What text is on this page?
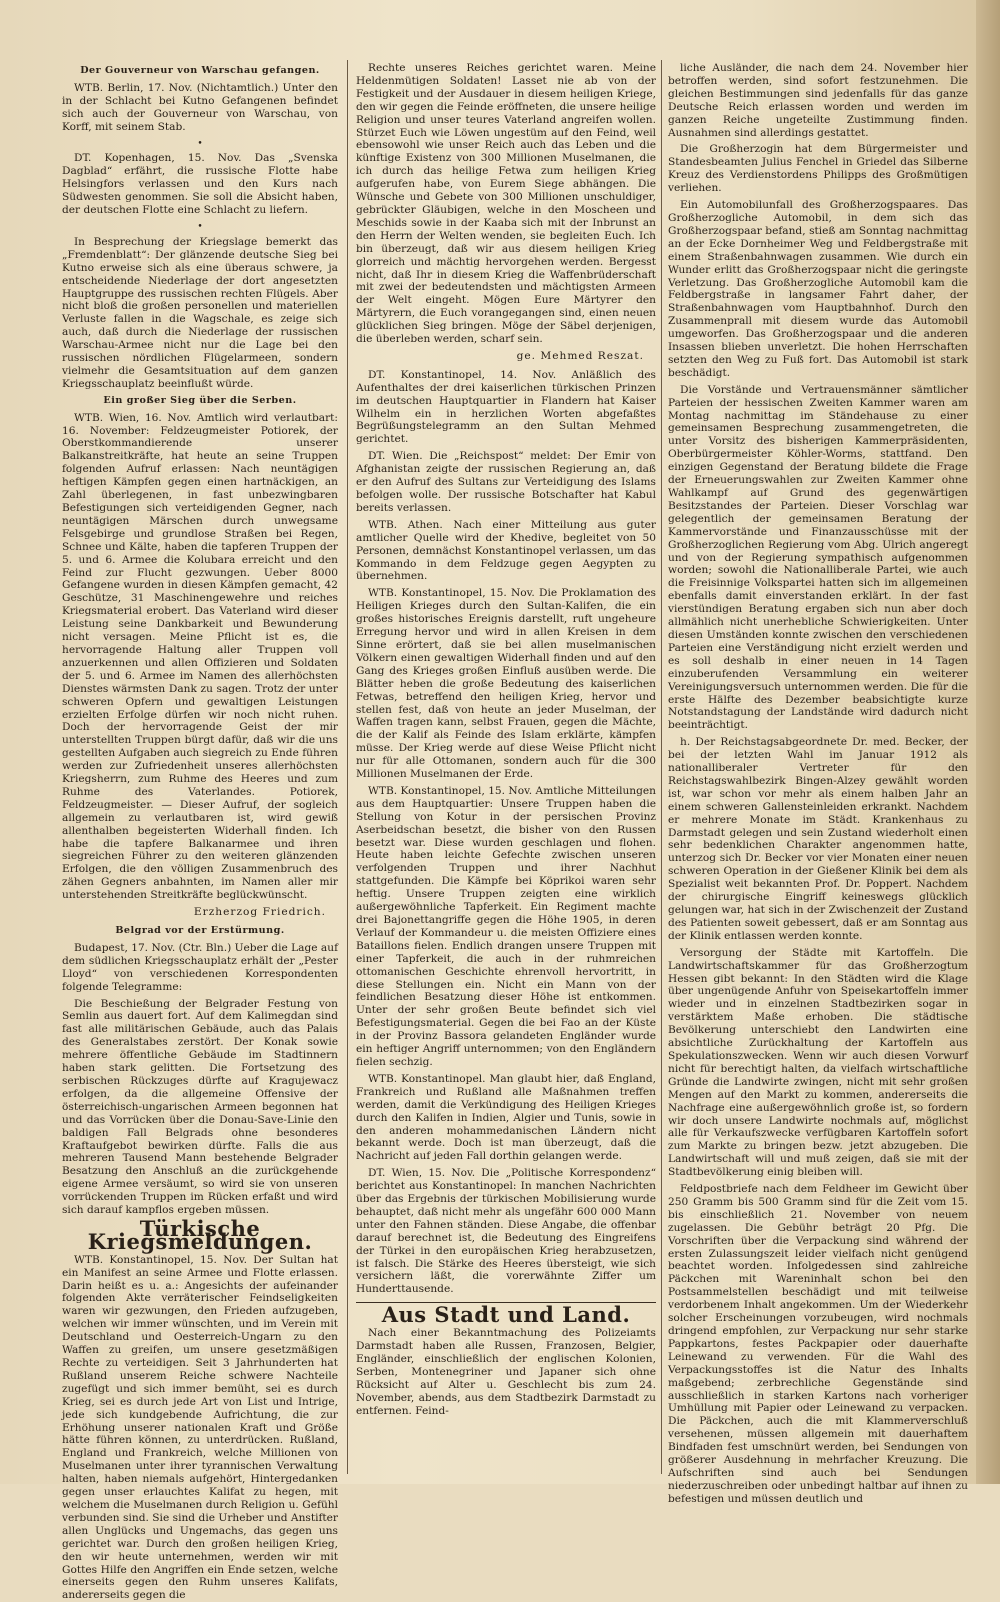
Der Gouverneur von Warschau gefangen.

WTB. Berlin, 17. Nov. (Nichtamtlich.) Unter den in der Schlacht bei Kutno Gefangenen befindet sich auch der Gouverneur von Warschau, von Korff, mit seinem Stab.

•

DT. Kopenhagen, 15. Nov. Das „Svenska Dagblad“ erfährt, die russische Flotte habe Helsingfors verlassen und den Kurs nach Südwesten genommen. Sie soll die Absicht haben, der deutschen Flotte eine Schlacht zu liefern.

•

In Besprechung der Kriegslage bemerkt das „Fremdenblatt“: Der glänzende deutsche Sieg bei Kutno erweise sich als eine überaus schwere, ja entscheidende Niederlage der dort angesetzten Hauptgruppe des russischen rechten Flügels. Aber nicht bloß die großen personellen und materiellen Verluste fallen in die Wagschale, es zeige sich auch, daß durch die Niederlage der russischen Warschau-Armee nicht nur die Lage bei den russischen nördlichen Flügelarmeen, sondern vielmehr die Gesamtsituation auf dem ganzen Kriegsschauplatz beeinflußt würde.

Ein großer Sieg über die Serben.

WTB. Wien, 16. Nov. Amtlich wird verlautbart: 16. November: Feldzeugmeister Potiorek, der Oberstkommandierende unserer Balkanstreitkräfte, hat heute an seine Truppen folgenden Aufruf erlassen: Nach neuntägigen heftigen Kämpfen gegen einen hartnäckigen, an Zahl überlegenen, in fast unbezwingbaren Befestigungen sich verteidigenden Gegner, nach neuntägigen Märschen durch unwegsame Felsgebirge und grundlose Straßen bei Regen, Schnee und Kälte, haben die tapferen Truppen der 5. und 6. Armee die Kolubara erreicht und den Feind zur Flucht gezwungen. Ueber 8000 Gefangene wurden in diesen Kämpfen gemacht, 42 Geschütze, 31 Maschinengewehre und reiches Kriegsmaterial erobert. Das Vaterland wird dieser Leistung seine Dankbarkeit und Bewunderung nicht versagen. Meine Pflicht ist es, die hervorragende Haltung aller Truppen voll anzuerkennen und allen Offizieren und Soldaten der 5. und 6. Armee im Namen des allerhöchsten Dienstes wärmsten Dank zu sagen. Trotz der unter schweren Opfern und gewaltigen Leistungen erzielten Erfolge dürfen wir noch nicht ruhen. Doch der hervorragende Geist der mir unterstellten Truppen bürgt dafür, daß wir die uns gestellten Aufgaben auch siegreich zu Ende führen werden zur Zufriedenheit unseres allerhöchsten Kriegsherrn, zum Ruhme des Heeres und zum Ruhme des Vaterlandes. Potiorek, Feldzeugmeister. — Dieser Aufruf, der sogleich allgemein zu verlautbaren ist, wird gewiß allenthalben begeisterten Widerhall finden. Ich habe die tapfere Balkanarmee und ihren siegreichen Führer zu den weiteren glänzenden Erfolgen, die den völligen Zusammenbruch des zähen Gegners anbahnten, im Namen aller mir unterstehenden Streitkräfte beglückwünscht.

Erzherzog Friedrich.
Belgrad vor der Erstürmung.

Budapest, 17. Nov. (Ctr. Bln.) Ueber die Lage auf dem südlichen Kriegsschauplatz erhält der „Pester Lloyd“ von verschiedenen Korrespondenten folgende Telegramme:

Die Beschießung der Belgrader Festung von Semlin aus dauert fort. Auf dem Kalimegdan sind fast alle militärischen Gebäude, auch das Palais des Generalstabes zerstört. Der Konak sowie mehrere öffentliche Gebäude im Stadtinnern haben stark gelitten. Die Fortsetzung des serbischen Rückzuges dürfte auf Kragujewacz erfolgen, da die allgemeine Offensive der österreichisch-ungarischen Armeen begonnen hat und das Vorrücken über die Donau-Save-Linie den baldigen Fall Belgrads ohne besonderes Kraftaufgebot bewirken dürfte. Falls die aus mehreren Tausend Mann bestehende Belgrader Besatzung den Anschluß an die zurückgehende eigene Armee versäumt, so wird sie von unseren vorrückenden Truppen im Rücken erfaßt und wird sich darauf kampflos ergeben müssen.

Türkische Kriegsmeldungen.

WTB. Konstantinopel, 15. Nov. Der Sultan hat ein Manifest an seine Armee und Flotte erlassen. Darin heißt es u. a.: Angesichts der aufeinander folgenden Akte verräterischer Feindseligkeiten waren wir gezwungen, den Frieden aufzugeben, welchen wir immer wünschten, und im Verein mit Deutschland und Oesterreich-Ungarn zu den Waffen zu greifen, um unsere gesetzmäßigen Rechte zu verteidigen. Seit 3 Jahrhunderten hat Rußland unserem Reiche schwere Nachteile zugefügt und sich immer bemüht, sei es durch Krieg, sei es durch jede Art von List und Intrige, jede sich kundgebende Aufrichtung, die zur Erhöhung unserer nationalen Kraft und Größe hätte führen können, zu unterdrücken. Rußland, England und Frankreich, welche Millionen von Muselmanen unter ihrer tyrannischen Verwaltung halten, haben niemals aufgehört, Hintergedanken gegen unser erlauchtes Kalifat zu hegen, mit welchem die Muselmanen durch Religion u. Gefühl verbunden sind. Sie sind die Urheber und Anstifter allen Unglücks und Ungemachs, das gegen uns gerichtet war. Durch den großen heiligen Krieg, den wir heute unternehmen, werden wir mit Gottes Hilfe den Angriffen ein Ende setzen, welche einerseits gegen den Ruhm unseres Kalifats, andererseits gegen die

Rechte unseres Reiches gerichtet waren. Meine Heldenmütigen Soldaten! Lasset nie ab von der Festigkeit und der Ausdauer in diesem heiligen Kriege, den wir gegen die Feinde eröffneten, die unsere heilige Religion und unser teures Vaterland angreifen wollen. Stürzet Euch wie Löwen ungestüm auf den Feind, weil ebensowohl wie unser Reich auch das Leben und die künftige Existenz von 300 Millionen Muselmanen, die ich durch das heilige Fetwa zum heiligen Krieg aufgerufen habe, von Eurem Siege abhängen. Die Wünsche und Gebete von 300 Millionen unschuldiger, gebrückter Gläubigen, welche in den Moscheen und Meschids sowie in der Kaaba sich mit der Inbrunst an den Herrn der Welten wenden, sie begleiten Euch. Ich bin überzeugt, daß wir aus diesem heiligen Krieg glorreich und mächtig hervorgehen werden. Bergesst nicht, daß Ihr in diesem Krieg die Waffenbrüderschaft mit zwei der bedeutendsten und mächtigsten Armeen der Welt eingeht. Mögen Eure Märtyrer den Märtyrern, die Euch vorangegangen sind, einen neuen glücklichen Sieg bringen. Möge der Säbel derjenigen, die überleben werden, scharf sein.

ge. Mehmed Reszat.

DT. Konstantinopel, 14. Nov. Anläßlich des Aufenthaltes der drei kaiserlichen türkischen Prinzen im deutschen Hauptquartier in Flandern hat Kaiser Wilhelm ein in herzlichen Worten abgefaßtes Begrüßungstelegramm an den Sultan Mehmed gerichtet.

DT. Wien. Die „Reichspost“ meldet: Der Emir von Afghanistan zeigte der russischen Regierung an, daß er den Aufruf des Sultans zur Verteidigung des Islams befolgen wolle. Der russische Botschafter hat Kabul bereits verlassen.

WTB. Athen. Nach einer Mitteilung aus guter amtlicher Quelle wird der Khedive, begleitet von 50 Personen, demnächst Konstantinopel verlassen, um das Kommando in dem Feldzuge gegen Aegypten zu übernehmen.

WTB. Konstantinopel, 15. Nov. Die Proklamation des Heiligen Krieges durch den Sultan-Kalifen, die ein großes historisches Ereignis darstellt, ruft ungeheure Erregung hervor und wird in allen Kreisen in dem Sinne erörtert, daß sie bei allen muselmanischen Völkern einen gewaltigen Widerhall finden und auf den Gang des Krieges großen Einfluß ausüben werde. Die Blätter heben die große Bedeutung des kaiserlichen Fetwas, betreffend den heiligen Krieg, hervor und stellen fest, daß von heute an jeder Muselman, der Waffen tragen kann, selbst Frauen, gegen die Mächte, die der Kalif als Feinde des Islam erklärte, kämpfen müsse. Der Krieg werde auf diese Weise Pflicht nicht nur für alle Ottomanen, sondern auch für die 300 Millionen Muselmanen der Erde.

WTB. Konstantinopel, 15. Nov. Amtliche Mitteilungen aus dem Hauptquartier: Unsere Truppen haben die Stellung von Kotur in der persischen Provinz Aserbeidschan besetzt, die bisher von den Russen besetzt war. Diese wurden geschlagen und flohen. Heute haben leichte Gefechte zwischen unseren verfolgenden Truppen und ihrer Nachhut stattgefunden. Die Kämpfe bei Köprikoi waren sehr heftig. Unsere Truppen zeigten eine wirklich außergewöhnliche Tapferkeit. Ein Regiment machte drei Bajonettangriffe gegen die Höhe 1905, in deren Verlauf der Kommandeur u. die meisten Offiziere eines Bataillons fielen. Endlich drangen unsere Truppen mit einer Tapferkeit, die auch in der ruhmreichen ottomanischen Geschichte ehrenvoll hervortritt, in diese Stellungen ein. Nicht ein Mann von der feindlichen Besatzung dieser Höhe ist entkommen. Unter der sehr großen Beute befindet sich viel Befestigungsmaterial. Gegen die bei Fao an der Küste in der Provinz Bassora gelandeten Engländer wurde ein heftiger Angriff unternommen; von den Engländern fielen sechzig.

WTB. Konstantinopel. Man glaubt hier, daß England, Frankreich und Rußland alle Maßnahmen treffen werden, damit die Verkündigung des Heiligen Krieges durch den Kalifen in Indien, Algier und Tunis, sowie in den anderen mohammedanischen Ländern nicht bekannt werde. Doch ist man überzeugt, daß die Nachricht auf jeden Fall dorthin gelangen werde.

DT. Wien, 15. Nov. Die „Politische Korrespondenz“ berichtet aus Konstantinopel: In manchen Nachrichten über das Ergebnis der türkischen Mobilisierung wurde behauptet, daß nicht mehr als ungefähr 600 000 Mann unter den Fahnen ständen. Diese Angabe, die offenbar darauf berechnet ist, die Bedeutung des Eingreifens der Türkei in den europäischen Krieg herabzusetzen, ist falsch. Die Stärke des Heeres übersteigt, wie sich versichern läßt, die vorerwähnte Ziffer um Hunderttausende.

Aus Stadt und Land.

Nach einer Bekanntmachung des Polizeiamts Darmstadt haben alle Russen, Franzosen, Belgier, Engländer, einschließlich der englischen Kolonien, Serben, Montenegriner und Japaner sich ohne Rücksicht auf Alter u. Geschlecht bis zum 24. November, abends, aus dem Stadtbezirk Darmstadt zu entfernen. Feind-

liche Ausländer, die nach dem 24. November hier betroffen werden, sind sofort festzunehmen. Die gleichen Bestimmungen sind jedenfalls für das ganze Deutsche Reich erlassen worden und werden im ganzen Reiche ungeteilte Zustimmung finden. Ausnahmen sind allerdings gestattet.

Die Großherzogin hat dem Bürgermeister und Standesbeamten Julius Fenchel in Griedel das Silberne Kreuz des Verdienstordens Philipps des Großmütigen verliehen.

Ein Automobilunfall des Großherzogspaares. Das Großherzogliche Automobil, in dem sich das Großherzogspaar befand, stieß am Sonntag nachmittag an der Ecke Dornheimer Weg und Feldbergstraße mit einem Straßenbahnwagen zusammen. Wie durch ein Wunder erlitt das Großherzogspaar nicht die geringste Verletzung. Das Großherzogliche Automobil kam die Feldbergstraße in langsamer Fahrt daher, der Straßenbahnwagen vom Hauptbahnhof. Durch den Zusammenprall mit diesem wurde das Automobil umgeworfen. Das Großherzogspaar und die anderen Insassen blieben unverletzt. Die hohen Herrschaften setzten den Weg zu Fuß fort. Das Automobil ist stark beschädigt.

Die Vorstände und Vertrauensmänner sämtlicher Parteien der hessischen Zweiten Kammer waren am Montag nachmittag im Ständehause zu einer gemeinsamen Besprechung zusammengetreten, die unter Vorsitz des bisherigen Kammerpräsidenten, Oberbürgermeister Köhler-Worms, stattfand. Den einzigen Gegenstand der Beratung bildete die Frage der Erneuerungswahlen zur Zweiten Kammer ohne Wahlkampf auf Grund des gegenwärtigen Besitzstandes der Parteien. Dieser Vorschlag war gelegentlich der gemeinsamen Beratung der Kammervorstände und Finanzausschüsse mit der Großherzoglichen Regierung vom Abg. Ulrich angeregt und von der Regierung sympathisch aufgenommen worden; sowohl die Nationalliberale Partei, wie auch die Freisinnige Volkspartei hatten sich im allgemeinen ebenfalls damit einverstanden erklärt. In der fast vierstündigen Beratung ergaben sich nun aber doch allmählich nicht unerhebliche Schwierigkeiten. Unter diesen Umständen konnte zwischen den verschiedenen Parteien eine Verständigung nicht erzielt werden und es soll deshalb in einer neuen in 14 Tagen einzuberufenden Versammlung ein weiterer Vereinigungsversuch unternommen werden. Die für die erste Hälfte des Dezember beabsichtigte kurze Notstandstagung der Landstände wird dadurch nicht beeinträchtigt.

h. Der Reichstagsabgeordnete Dr. med. Becker, der bei der letzten Wahl im Januar 1912 als nationalliberaler Vertreter für den Reichstagswahlbezirk Bingen-Alzey gewählt worden ist, war schon vor mehr als einem halben Jahr an einem schweren Gallensteinleiden erkrankt. Nachdem er mehrere Monate im Städt. Krankenhaus zu Darmstadt gelegen und sein Zustand wiederholt einen sehr bedenklichen Charakter angenommen hatte, unterzog sich Dr. Becker vor vier Monaten einer neuen schweren Operation in der Gießener Klinik bei dem als Spezialist weit bekannten Prof. Dr. Poppert. Nachdem der chirurgische Eingriff keineswegs glücklich gelungen war, hat sich in der Zwischenzeit der Zustand des Patienten soweit gebessert, daß er am Sonntag aus der Klinik entlassen werden konnte.

Versorgung der Städte mit Kartoffeln. Die Landwirtschaftskammer für das Großherzogtum Hessen gibt bekannt: In den Städten wird die Klage über ungenügende Anfuhr von Speisekartoffeln immer wieder und in einzelnen Stadtbezirken sogar in verstärktem Maße erhoben. Die städtische Bevölkerung unterschiebt den Landwirten eine absichtliche Zurückhaltung der Kartoffeln aus Spekulationszwecken. Wenn wir auch diesen Vorwurf nicht für berechtigt halten, da vielfach wirtschaftliche Gründe die Landwirte zwingen, nicht mit sehr großen Mengen auf den Markt zu kommen, andererseits die Nachfrage eine außergewöhnlich große ist, so fordern wir doch unsere Landwirte nochmals auf, möglichst alle für Verkaufszwecke verfügbaren Kartoffeln sofort zum Markte zu bringen bezw. jetzt abzugeben. Die Landwirtschaft will und muß zeigen, daß sie mit der Stadtbevölkerung einig bleiben will.

Feldpostbriefe nach dem Feldheer im Gewicht über 250 Gramm bis 500 Gramm sind für die Zeit vom 15. bis einschließlich 21. November von neuem zugelassen. Die Gebühr beträgt 20 Pfg. Die Vorschriften über die Verpackung sind während der ersten Zulassungszeit leider vielfach nicht genügend beachtet worden. Infolgedessen sind zahlreiche Päckchen mit Wareninhalt schon bei den Postsammelstellen beschädigt und mit teilweise verdorbenem Inhalt angekommen. Um der Wiederkehr solcher Erscheinungen vorzubeugen, wird nochmals dringend empfohlen, zur Verpackung nur sehr starke Pappkartons, festes Packpapier oder dauerhafte Leinewand zu verwenden. Für die Wahl des Verpackungsstoffes ist die Natur des Inhalts maßgebend; zerbrechliche Gegenstände sind ausschließlich in starken Kartons nach vorheriger Umhüllung mit Papier oder Leinewand zu verpacken. Die Päckchen, auch die mit Klammerverschluß versehenen, müssen allgemein mit dauerhaftem Bindfaden fest umschnürt werden, bei Sendungen von größerer Ausdehnung in mehrfacher Kreuzung. Die Aufschriften sind auch bei Sendungen niederzuschreiben oder unbedingt haltbar auf ihnen zu befestigen und müssen deutlich und
